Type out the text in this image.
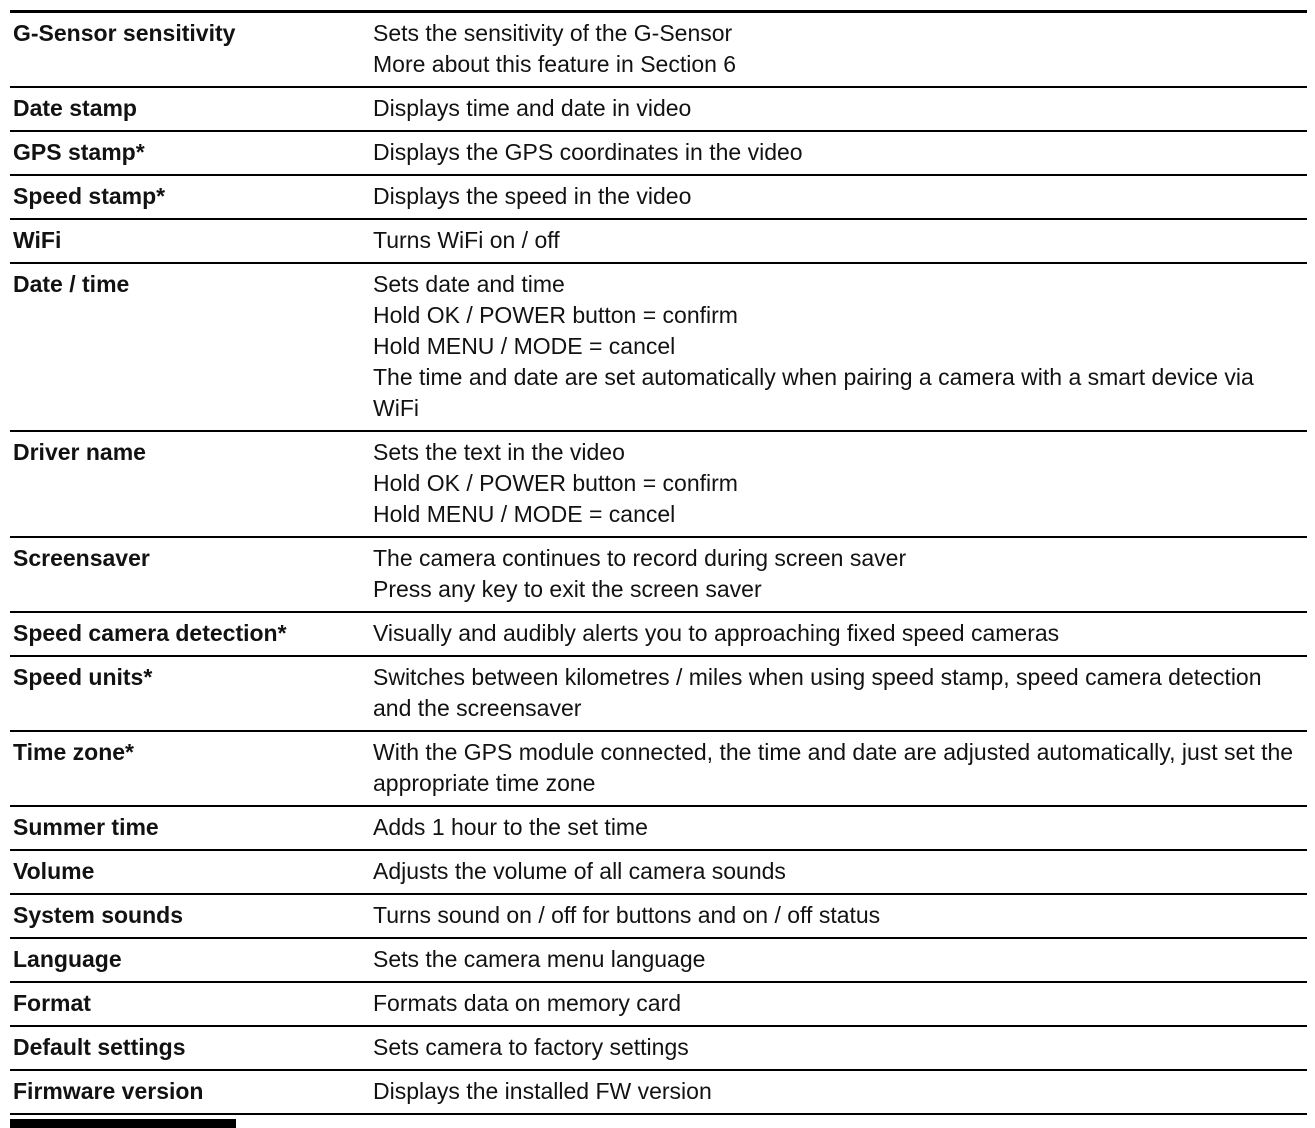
G-Sensor sensitivity	Sets the sensitivity of the G-Sensor
More about this feature in Section 6
Date stamp	Displays time and date in video
GPS stamp*	Displays the GPS coordinates in the video
Speed stamp*	Displays the speed in the video
WiFi	Turns WiFi on / off
Date / time	Sets date and time
Hold OK / POWER button = confirm
Hold MENU / MODE = cancel
The time and date are set automatically when pairing a camera with a smart device via WiFi
Driver name	Sets the text in the video
Hold OK / POWER button = confirm
Hold MENU / MODE = cancel
Screensaver	The camera continues to record during screen saver
Press any key to exit the screen saver
Speed camera detection*	Visually and audibly alerts you to approaching fixed speed cameras
Speed units*	Switches between kilometres / miles when using speed stamp, speed camera detection and the screensaver
Time zone*	With the GPS module connected, the time and date are adjusted automatically, just set the appropriate time zone
Summer time	Adds 1 hour to the set time
Volume	Adjusts the volume of all camera sounds
System sounds	Turns sound on / off for buttons and on / off status
Language	Sets the camera menu language
Format	Formats data on memory card
Default settings	Sets camera to factory settings
Firmware version	Displays the installed FW version
